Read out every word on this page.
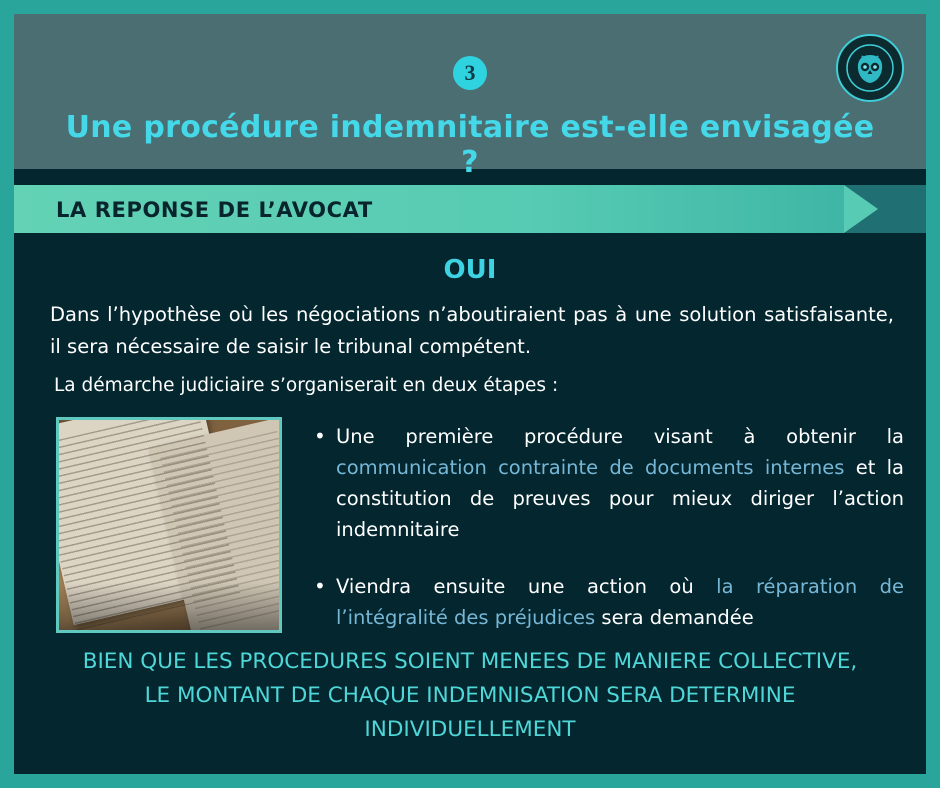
3
Une procédure indemnitaire est-elle envisagée ?
LA REPONSE DE L’AVOCAT
OUI
Dans l’hypothèse où les négociations n’aboutiraient pas à une solution satisfaisante, il sera nécessaire de saisir le tribunal compétent.
La démarche judiciaire s’organiserait en deux étapes :
• Une première procédure visant à obtenir la communication contrainte de documents internes et la constitution de preuves pour mieux diriger l’action indemnitaire
• Viendra ensuite une action où la réparation de l’intégralité des préjudices sera demandée
BIEN QUE LES PROCEDURES SOIENT MENEES DE MANIERE COLLECTIVE, LE MONTANT DE CHAQUE INDEMNISATION SERA DETERMINE INDIVIDUELLEMENT
